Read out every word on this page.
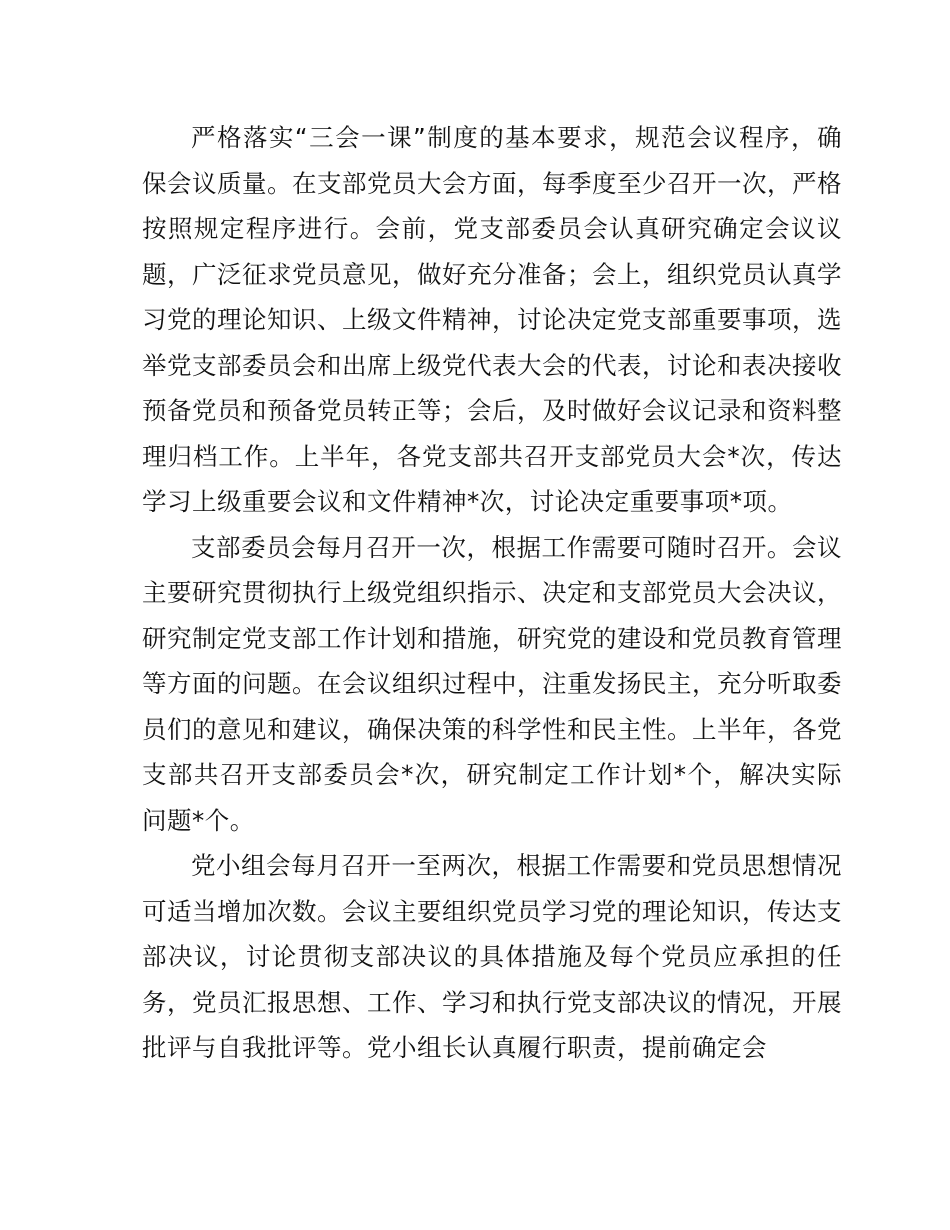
严格落实“三会一课”制度的基本要求，规范会议程序，确保会议质量。在支部党员大会方面，每季度至少召开一次，严格按照规定程序进行。会前，党支部委员会认真研究确定会议议题，广泛征求党员意见，做好充分准备；会上，组织党员认真学习党的理论知识、上级文件精神，讨论决定党支部重要事项，选举党支部委员会和出席上级党代表大会的代表，讨论和表决接收预备党员和预备党员转正等；会后，及时做好会议记录和资料整理归档工作。上半年，各党支部共召开支部党员大会*次，传达学习上级重要会议和文件精神*次，讨论决定重要事项*项。

支部委员会每月召开一次，根据工作需要可随时召开。会议主要研究贯彻执行上级党组织指示、决定和支部党员大会决议，研究制定党支部工作计划和措施，研究党的建设和党员教育管理等方面的问题。在会议组织过程中，注重发扬民主，充分听取委员们的意见和建议，确保决策的科学性和民主性。上半年，各党支部共召开支部委员会*次，研究制定工作计划*个，解决实际问题*个。

党小组会每月召开一至两次，根据工作需要和党员思想情况可适当增加次数。会议主要组织党员学习党的理论知识，传达支部决议，讨论贯彻支部决议的具体措施及每个党员应承担的任务，党员汇报思想、工作、学习和执行党支部决议的情况，开展批评与自我批评等。党小组长认真履行职责，提前确定会
